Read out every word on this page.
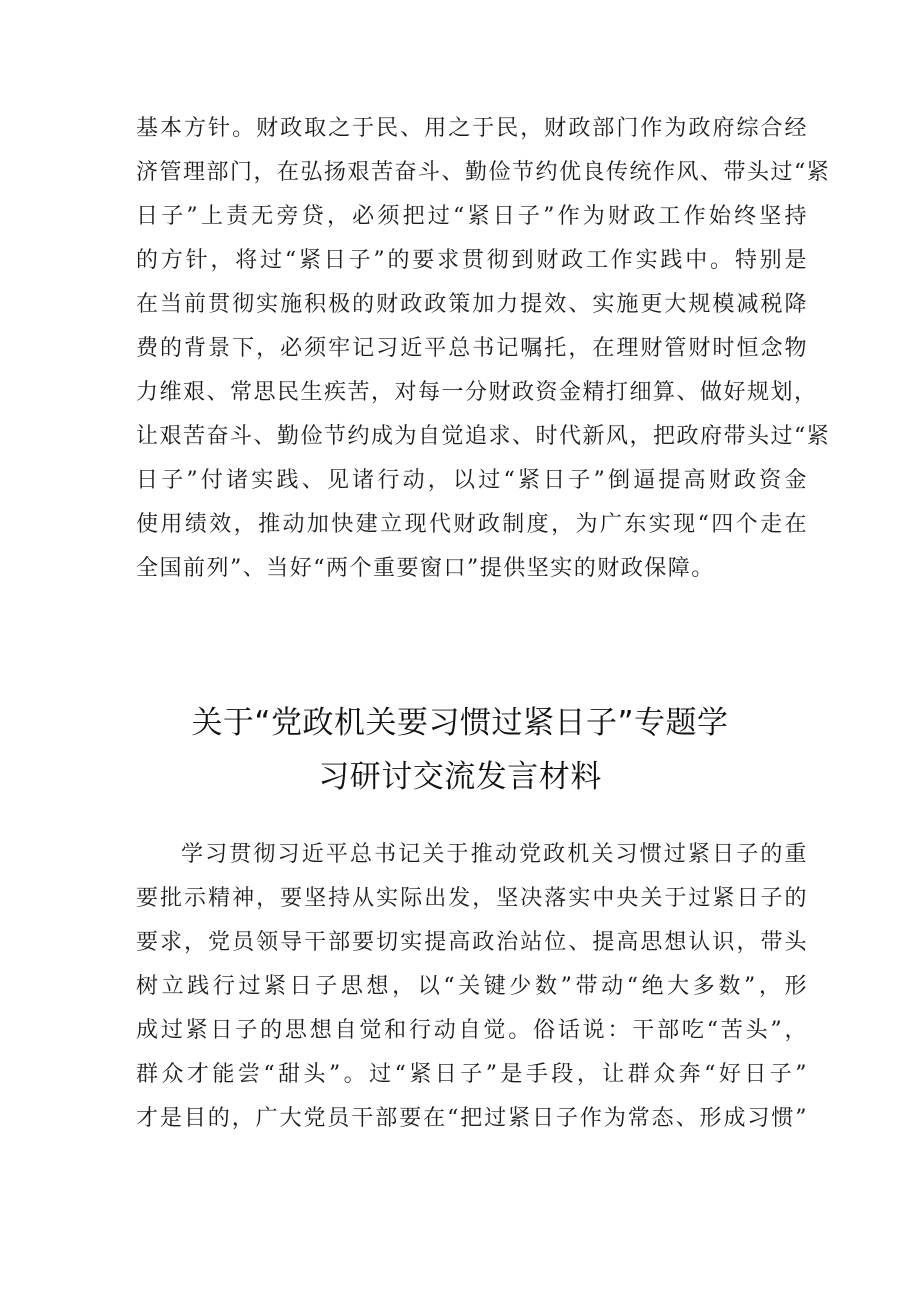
基本方针。财政取之于民、用之于民，财政部门作为政府综合经
济管理部门，在弘扬艰苦奋斗、勤俭节约优良传统作风、带头过“紧
日子”上责无旁贷，必须把过“紧日子”作为财政工作始终坚持
的方针，将过“紧日子”的要求贯彻到财政工作实践中。特别是
在当前贯彻实施积极的财政政策加力提效、实施更大规模减税降
费的背景下，必须牢记习近平总书记嘱托，在理财管财时恒念物
力维艰、常思民生疾苦，对每一分财政资金精打细算、做好规划，
让艰苦奋斗、勤俭节约成为自觉追求、时代新风，把政府带头过“紧
日子”付诸实践、见诸行动，以过“紧日子”倒逼提高财政资金
使用绩效，推动加快建立现代财政制度，为广东实现“四个走在
全国前列”、当好“两个重要窗口”提供坚实的财政保障。
关于“党政机关要习惯过紧日子”专题学
习研讨交流发言材料
学习贯彻习近平总书记关于推动党政机关习惯过紧日子的重
要批示精神，要坚持从实际出发，坚决落实中央关于过紧日子的
要求，党员领导干部要切实提高政治站位、提高思想认识，带头
树立践行过紧日子思想，以“关键少数”带动“绝大多数”，形
成过紧日子的思想自觉和行动自觉。俗话说：干部吃“苦头”，
群众才能尝“甜头”。过“紧日子”是手段，让群众奔“好日子”
才是目的，广大党员干部要在“把过紧日子作为常态、形成习惯”
